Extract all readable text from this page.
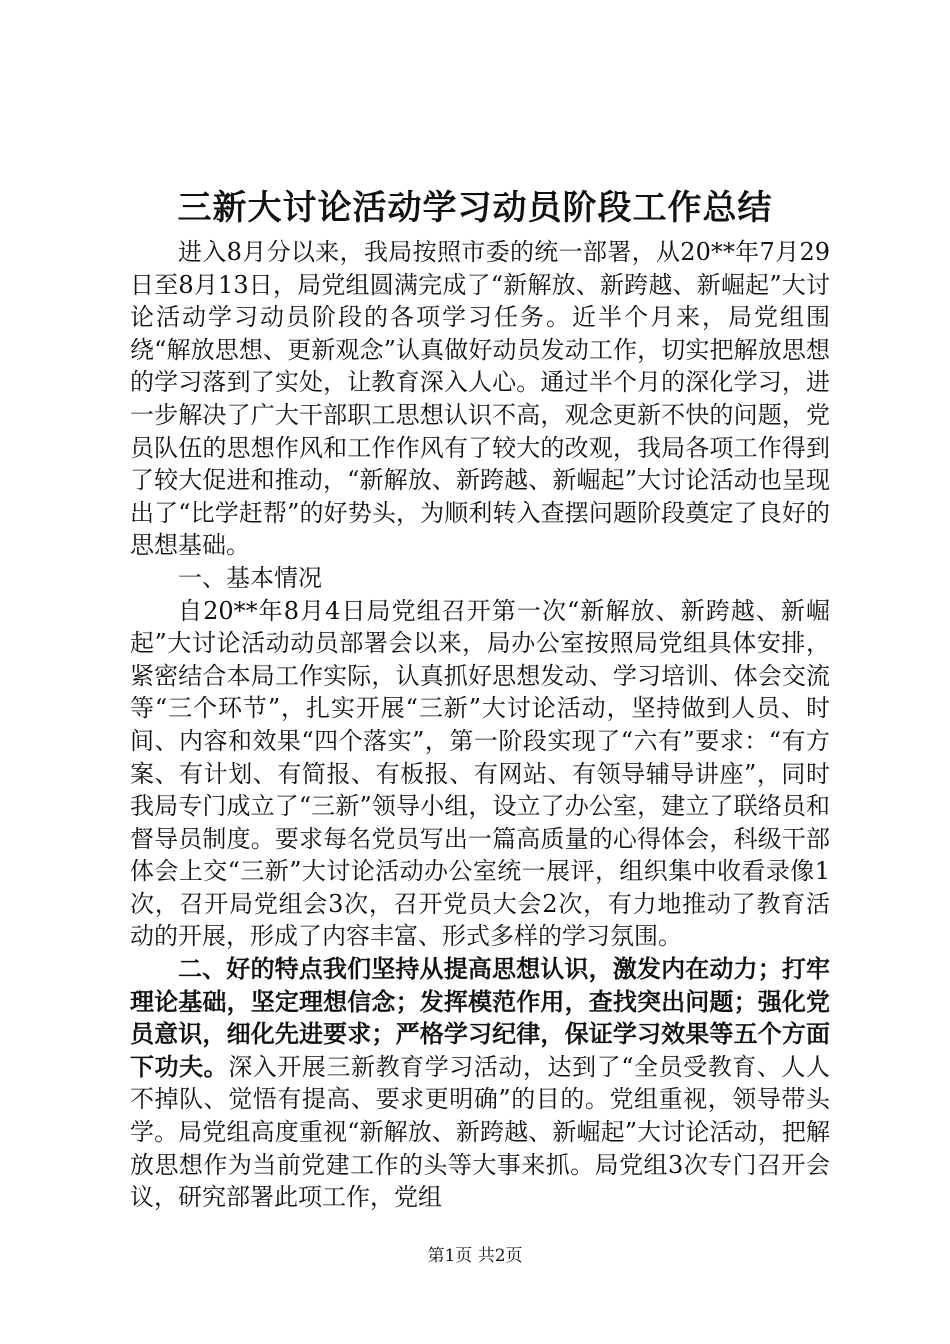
三新大讨论活动学习动员阶段工作总结

进入8月分以来，我局按照市委的统一部署，从20**年7月29日至8月13日，局党组圆满完成了“新解放、新跨越、新崛起”大讨论活动学习动员阶段的各项学习任务。近半个月来，局党组围绕“解放思想、更新观念”认真做好动员发动工作，切实把解放思想的学习落到了实处，让教育深入人心。通过半个月的深化学习，进一步解决了广大干部职工思想认识不高，观念更新不快的问题，党员队伍的思想作风和工作作风有了较大的改观，我局各项工作得到了较大促进和推动，“新解放、新跨越、新崛起”大讨论活动也呈现出了“比学赶帮”的好势头，为顺利转入查摆问题阶段奠定了良好的思想基础。

一、基本情况

自20**年8月4日局党组召开第一次“新解放、新跨越、新崛起”大讨论活动动员部署会以来，局办公室按照局党组具体安排，紧密结合本局工作实际，认真抓好思想发动、学习培训、体会交流等“三个环节”，扎实开展“三新”大讨论活动，坚持做到人员、时间、内容和效果“四个落实”，第一阶段实现了“六有”要求：“有方案、有计划、有简报、有板报、有网站、有领导辅导讲座”，同时我局专门成立了“三新”领导小组，设立了办公室，建立了联络员和督导员制度。要求每名党员写出一篇高质量的心得体会，科级干部体会上交“三新”大讨论活动办公室统一展评，组织集中收看录像1次，召开局党组会3次，召开党员大会2次，有力地推动了教育活动的开展，形成了内容丰富、形式多样的学习氛围。

二、好的特点我们坚持从提高思想认识，激发内在动力；打牢理论基础，坚定理想信念；发挥模范作用，查找突出问题；强化党员意识，细化先进要求；严格学习纪律，保证学习效果等五个方面下功夫。深入开展三新教育学习活动，达到了“全员受教育、人人不掉队、觉悟有提高、要求更明确”的目的。党组重视，领导带头学。局党组高度重视“新解放、新跨越、新崛起”大讨论活动，把解放思想作为当前党建工作的头等大事来抓。局党组3次专门召开会议，研究部署此项工作，党组

第1页 共2页
